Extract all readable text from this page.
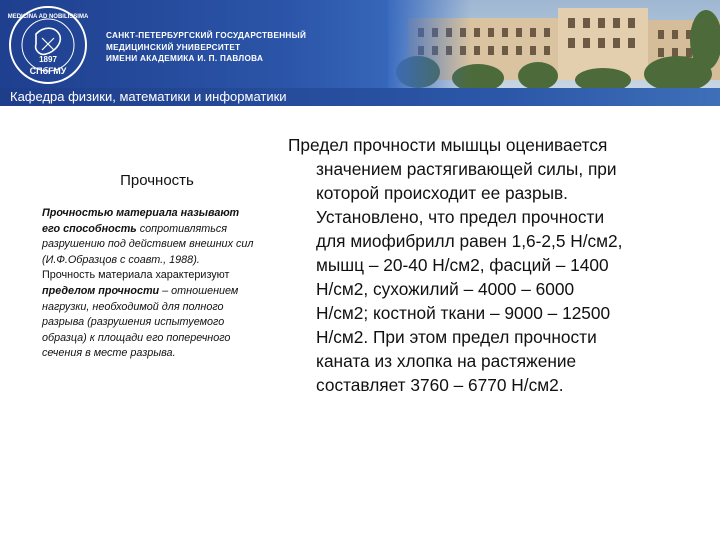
1897
СПбГМУ
MEDICINA AD NOBILISSIMA
САНКТ-ПЕТЕРБУРГСКИЙ ГОСУДАРСТВЕННЫЙ
МЕДИЦИНСКИЙ УНИВЕРСИТЕТ
ИМЕНИ АКАДЕМИКА И. П. ПАВЛОВА
Кафедра физики, математики и информатики
Прочность
Прочностью материала называют его способность сопротивляться разрушению под действием внешних сил (И.Ф.Образцов с соавт., 1988).
Прочность материала характеризуют пределом прочности – отношением нагрузки, необходимой для полного разрыва (разрушения испытуемого образца) к площади его поперечного сечения в месте разрыва.
Предел прочности мышцы оценивается
значением растягивающей силы, при
которой происходит ее разрыв.
Установлено, что предел прочности
для миофибрилл равен 1,6-2,5 Н/см2,
мышц – 20-40 Н/см2, фасций – 1400
Н/см2, сухожилий – 4000 – 6000
Н/см2; костной ткани – 9000 – 12500
Н/см2. При этом предел прочности
каната из хлопка на растяжение
составляет 3760 – 6770 Н/см2.
